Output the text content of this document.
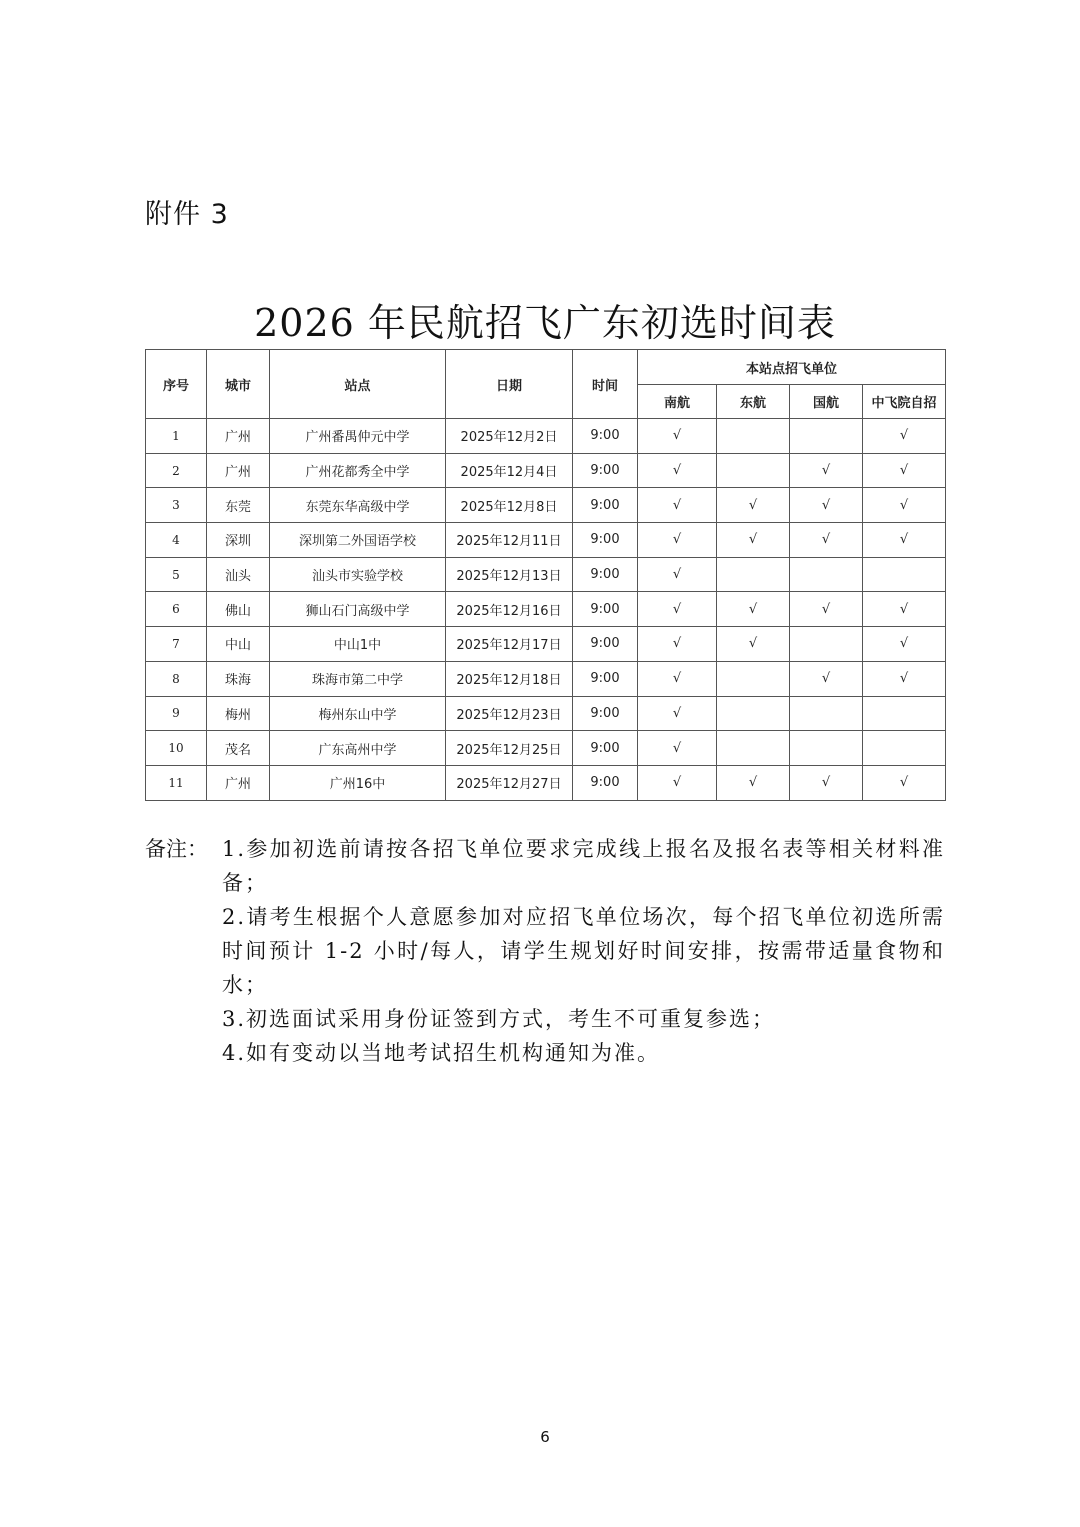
附件 3
2026 年民航招飞广东初选时间表
序号	城市	站点	日期	时间	本站点招飞单位			
					南航	东航	国航	中飞院自招
1	广州	广州番禺仲元中学	2025年12月2日	9:00	√			√
2	广州	广州花都秀全中学	2025年12月4日	9:00	√		√	√
3	东莞	东莞东华高级中学	2025年12月8日	9:00	√	√	√	√
4	深圳	深圳第二外国语学校	2025年12月11日	9:00	√	√	√	√
5	汕头	汕头市实验学校	2025年12月13日	9:00	√			
6	佛山	狮山石门高级中学	2025年12月16日	9:00	√	√	√	√
7	中山	中山1中	2025年12月17日	9:00	√	√		√
8	珠海	珠海市第二中学	2025年12月18日	9:00	√		√	√
9	梅州	梅州东山中学	2025年12月23日	9:00	√			
10	茂名	广东高州中学	2025年12月25日	9:00	√			
11	广州	广州16中	2025年12月27日	9:00	√	√	√	√
备注： 1.参加初选前请按各招飞单位要求完成线上报名及报名表等相关材料准备；
2.请考生根据个人意愿参加对应招飞单位场次，每个招飞单位初选所需时间预计 1-2 小时/每人，请学生规划好时间安排，按需带适量食物和水；
3.初选面试采用身份证签到方式，考生不可重复参选；
4.如有变动以当地考试招生机构通知为准。
6
